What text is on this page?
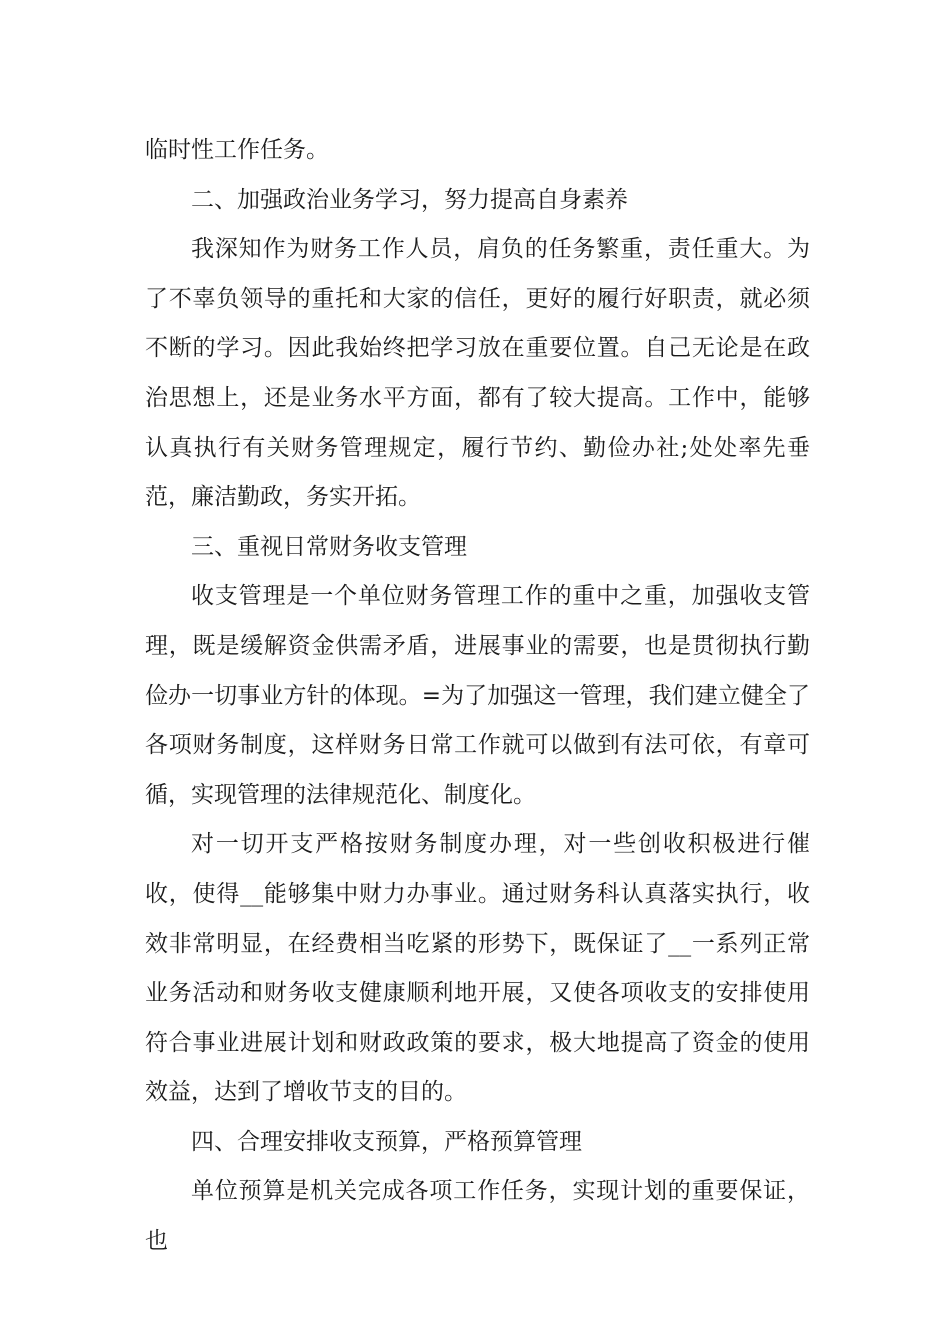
临时性工作任务。

二、加强政治业务学习，努力提高自身素养

我深知作为财务工作人员，肩负的任务繁重，责任重大。为了不辜负领导的重托和大家的信任，更好的履行好职责，就必须不断的学习。因此我始终把学习放在重要位置。自己无论是在政治思想上，还是业务水平方面，都有了较大提高。工作中，能够认真执行有关财务管理规定，履行节约、勤俭办社;处处率先垂范，廉洁勤政，务实开拓。

三、重视日常财务收支管理

收支管理是一个单位财务管理工作的重中之重，加强收支管理，既是缓解资金供需矛盾，进展事业的需要，也是贯彻执行勤俭办一切事业方针的体现。=为了加强这一管理，我们建立健全了各项财务制度，这样财务日常工作就可以做到有法可依，有章可循，实现管理的法律规范化、制度化。

对一切开支严格按财务制度办理，对一些创收积极进行催收，使得__能够集中财力办事业。通过财务科认真落实执行，收效非常明显，在经费相当吃紧的形势下，既保证了__一系列正常业务活动和财务收支健康顺利地开展，又使各项收支的安排使用符合事业进展计划和财政政策的要求，极大地提高了资金的使用效益，达到了增收节支的目的。

四、合理安排收支预算，严格预算管理

单位预算是机关完成各项工作任务，实现计划的重要保证，也
